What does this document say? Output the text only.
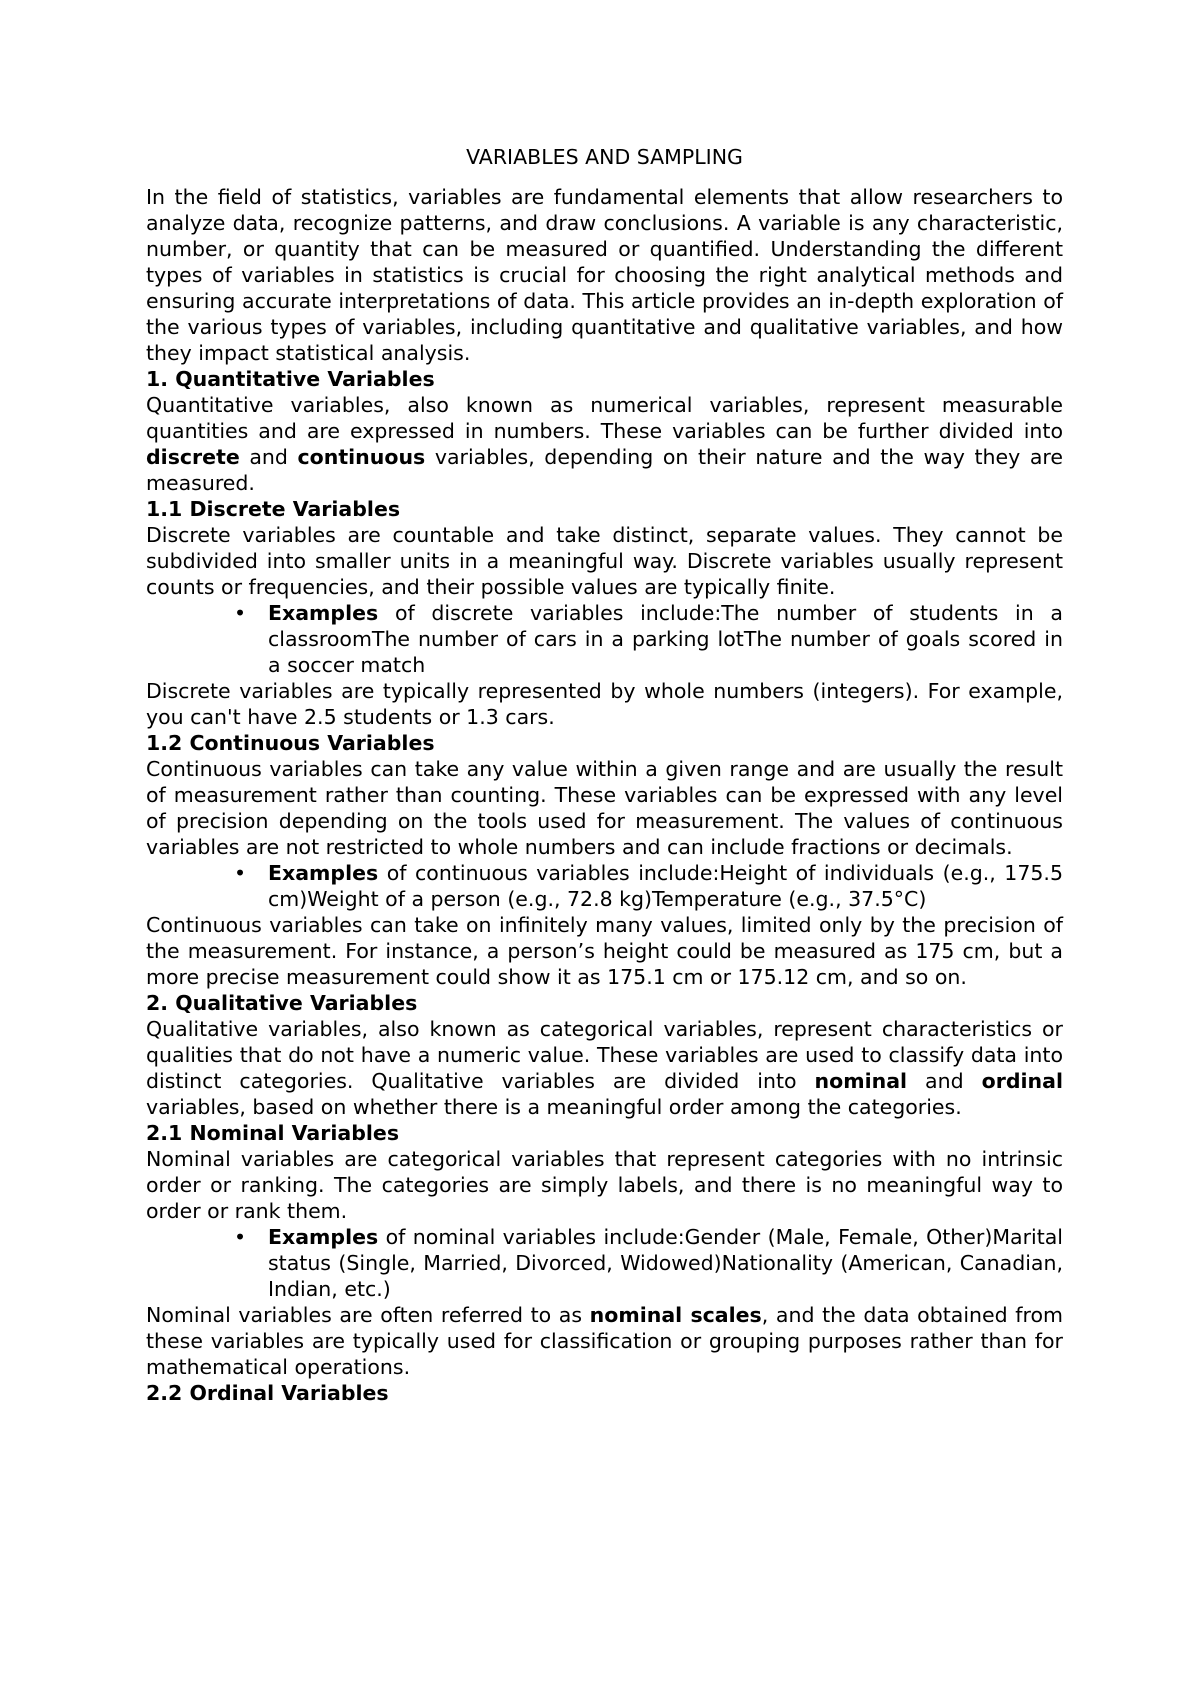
VARIABLES AND SAMPLING

In the field of statistics, variables are fundamental elements that allow researchers to analyze data, recognize patterns, and draw conclusions. A variable is any characteristic, number, or quantity that can be measured or quantified. Understanding the different types of variables in statistics is crucial for choosing the right analytical methods and ensuring accurate interpretations of data. This article provides an in-depth exploration of the various types of variables, including quantitative and qualitative variables, and how they impact statistical analysis.

1. Quantitative Variables

Quantitative variables, also known as numerical variables, represent measurable quantities and are expressed in numbers. These variables can be further divided into discrete and continuous variables, depending on their nature and the way they are measured.

1.1 Discrete Variables

Discrete variables are countable and take distinct, separate values. They cannot be subdivided into smaller units in a meaningful way. Discrete variables usually represent counts or frequencies, and their possible values are typically finite.

• Examples of discrete variables include:The number of students in a classroomThe number of cars in a parking lotThe number of goals scored in a soccer match

Discrete variables are typically represented by whole numbers (integers). For example, you can't have 2.5 students or 1.3 cars.

1.2 Continuous Variables

Continuous variables can take any value within a given range and are usually the result of measurement rather than counting. These variables can be expressed with any level of precision depending on the tools used for measurement. The values of continuous variables are not restricted to whole numbers and can include fractions or decimals.

• Examples of continuous variables include:Height of individuals (e.g., 175.5 cm)Weight of a person (e.g., 72.8 kg)Temperature (e.g., 37.5°C)

Continuous variables can take on infinitely many values, limited only by the precision of the measurement. For instance, a person’s height could be measured as 175 cm, but a more precise measurement could show it as 175.1 cm or 175.12 cm, and so on.

2. Qualitative Variables

Qualitative variables, also known as categorical variables, represent characteristics or qualities that do not have a numeric value. These variables are used to classify data into distinct categories. Qualitative variables are divided into nominal and ordinal variables, based on whether there is a meaningful order among the categories.

2.1 Nominal Variables

Nominal variables are categorical variables that represent categories with no intrinsic order or ranking. The categories are simply labels, and there is no meaningful way to order or rank them.

• Examples of nominal variables include:Gender (Male, Female, Other)Marital status (Single, Married, Divorced, Widowed)Nationality (American, Canadian, Indian, etc.)

Nominal variables are often referred to as nominal scales, and the data obtained from these variables are typically used for classification or grouping purposes rather than for mathematical operations.

2.2 Ordinal Variables
